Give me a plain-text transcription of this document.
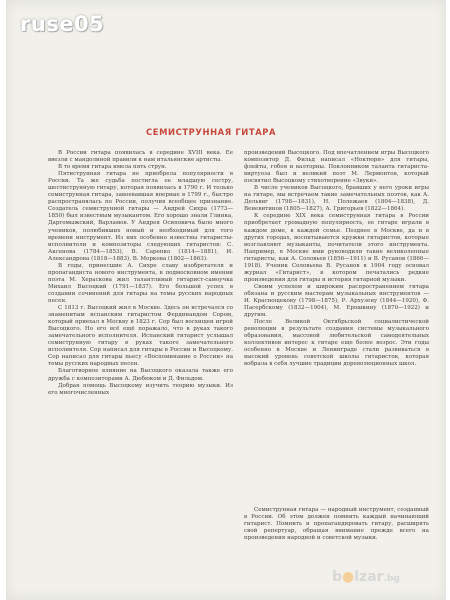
ruse05
СЕМИСТРУННАЯ ГИТАРА

В России гитара появилась в середине XVIII века. Ее ввезли с мандолиной правили к нам итальянские артисты.

В то время гитара имела пять струн.

Пятиструнная гитара не приобрела популярности в России. Та же судьба постигла ее младшую сестру, шестиструнную гитару, которая появилась в 1790 г. И только семиструнная гитара, завоевавшая впервые в 1799 г., быстро распространялась по России, получив всеобщее признание. Создатель семиструнной гитары — Андрей Сихра (1773—1850) был известным музыкантом. Его хорошо знали Глинка, Даргомыжский, Варламов. У Андрея Осиповича было много учеников, полюбивших новый и необходимый для того времени инструмент. Из них особенно известны гитаристы-исполнители и композиторы следующих гитаристов: С. Аксенова (1784—1853), В. Сарепко (1814—1881), И. Александрова (1818—1883), В. Моркова (1802—1863).

В годы, принесшие А. Сихре славу изобретателя и пропагандиста нового инструмента, в подмосковном имении поэта М. Херaскова жил талантливый гитарист-самоучка Михаил Высоцкий (1791—1837). Его большой успех в создании сочинений для гитары на темы русских народных песен.

С 1813 г. Высоцкий жил в Москве. Здесь он встречался со знаменитым испанским гитаристом Фердинандом Сором, который приехал в Москву в 1823 г. Сор был восхищен игрой Высоцкого. Но его всё ещё поражало, что в руках такого замечательного исполнителя. Испанский гитарист услышал семиструнную гитару в руках такого замечательного исполнителя. Сор написал для гитары в России и Высоцкому. Сор написал для гитары пьесу «Воспоминание о России» на темы русских народных песен.

Благотворное влияние на Высоцкого оказала также его дружба с композиторами А. Дюбюком и Д. Фильдом.

Добрая помощь Высоцкому изучить теорию музыки. Из его многочисленных

произведений Высоцкого. Под впечатлением игры Высоцкого композитор Д. Фильд написал «Ноктюрн» для гитары, флейты, гобоя и валторны. Поклонником таланта гитариста-виртуоза был и великий поэт М. Лермонтов, который посвятил Высоцкому стихотворение «Звуки».

В числе учеников Высоцкого, бравших у него уроки игры на гитаре, мы встречаем такие замечательных поэтов, как А. Дельвиг (1798—1831), Н. Полежаев (1804—1838), Д. Веневитинов (1805—1827), А. Григорьев (1822—1864).

К середине XIX века семиструнная гитара в России приобретает громадную популярность, ее гитаре играли в каждом доме, в каждой семье. Позднее в Москве, да и в других городах, воспитываются кружки гитаристов, которые возглавляют музыканты, почитатели этого инструмента. Например, в Москве ими руководили такие великолепные гитаристы, как А. Соловьев (1856—1911) и В. Русанов (1866—1918). Ученик Соловьева В. Русанов в 1904 году основал журнал «Гитарист», в котором печатались редкие произведения для гитары и история гитарной музыки.

Своим успехом и широким распространением гитара обязана и русским мастерам музыкальных инструментов — И. Краснощекову (1798—1875), Р. Архузену (1844—1920), Ф. Пасербскому (1832—1904), М. Ерошкину (1870—1922) и другим.

После Великой Октябрьской социалистической революции в результате создания системы музыкального образования, массовой любительской самодеятельных коллективов интерес к гитаре еще более возрос. Эти годы особенно в Москве и Ленинграде стали развиваться в высокий уровень советской школы гитаристов, которая вобрала в себя лучшие традиции дореволюционных школ.

Семиструнная гитара — народный инструмент, созданный в России. Об этом должен помнить каждый начинающий гитарист. Помнить и пропагандировать гитару, расширять свой репертуар, обращая внимание прежде всего на произведения народной и советской музыки.

b●lzar.bg
